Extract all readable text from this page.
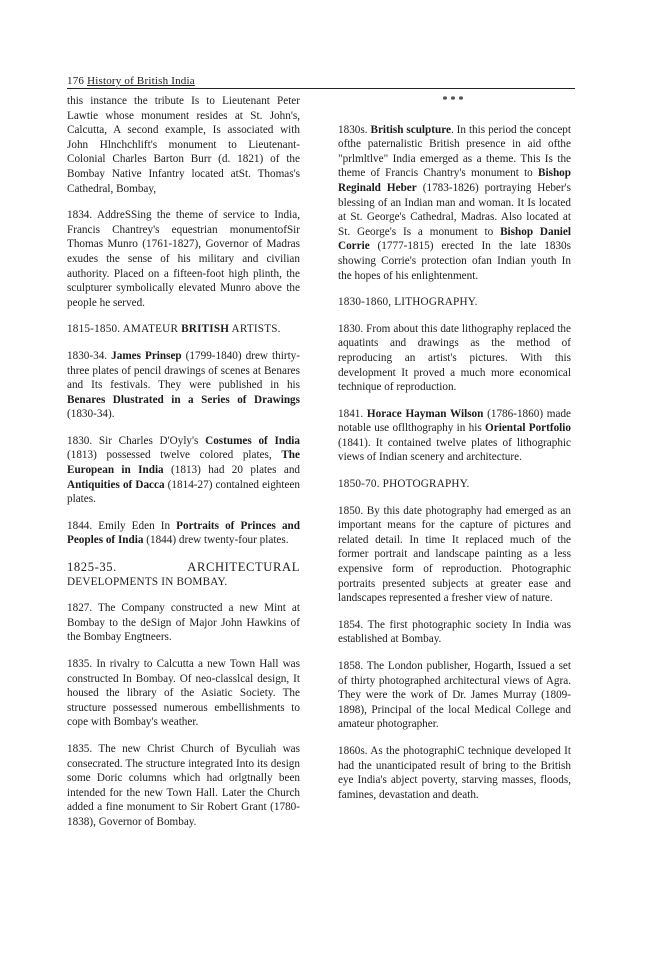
176 History of British India

this instance the tribute Is to Lieutenant Peter Lawtie whose monument resides at St. John's, Calcutta, A second example, Is associated with John Hlnchchlift's monument to Lieutenant-Colonial Charles Barton Burr (d. 1821) of the Bombay Native Infantry located atSt. Thomas's Cathedral, Bombay,

1834. AddreSSing the theme of service to India, Francis Chantrey's equestrian monumentofSir Thomas Munro (1761-1827), Governor of Madras exudes the sense of his military and civilian authority. Placed on a fifteen-foot high plinth, the sculpturer symbolically elevated Munro above the people he served.

1815-1850. AMATEUR BRITISH ARTISTS.

1830-34. James Prinsep (1799-1840) drew thirty-three plates of pencil drawings of scenes at Benares and Its festivals. They were published in his Benares Dlustrated in a Series of Drawings (1830-34).

1830. Sir Charles D'Oyly's Costumes of India (1813) possessed twelve colored plates, The European in India (1813) had 20 plates and Antiquities of Dacca (1814-27) contalned eighteen plates.

1844. Emily Eden In Portraits of Princes and Peoples of India (1844) drew twenty-four plates.

1825-35.	ARCHITECTURAL
DEVELOPMENTS IN BOMBAY.

1827. The Company constructed a new Mint at Bombay to the deSign of Major John Hawkins of the Bombay Engtneers.

1835. In rivalry to Calcutta a new Town Hall was constructed In Bombay. Of neo-classlcal design, It housed the library of the Asiatic Society. The structure possessed numerous embellishments to cope with Bombay's weather.

1835. The new Christ Church of Byculiah was consecrated. The structure integrated Into its design some Doric columns which had orlgtnally been intended for the new Town Hall. Later the Church added a fine monument to Sir Robert Grant (1780-1838), Governor of Bombay.

***

1830s. British sculpture. In this period the concept ofthe paternalistic British presence in aid ofthe "prlmltlve" India emerged as a theme. This Is the theme of Francis Chantry's monument to Bishop Reginald Heber (1783-1826) portraying Heber's blessing of an Indian man and woman. It Is located at St. George's Cathedral, Madras. Also located at St. George's Is a monument to Bishop Daniel Corrie (1777-1815) erected In the late 1830s showing Corrie's protection ofan Indian youth In the hopes of his enlightenment.

1830-1860, LITHOGRAPHY.

1830. From about this date lithography replaced the aquatints and drawings as the method of reproducing an artist's pictures. With this development It proved a much more economical technique of reproduction.

1841. Horace Hayman Wilson (1786-1860) made notable use ofllthography in his Oriental Portfolio (1841). It contained twelve plates of lithographic views of Indian scenery and architecture.

1850-70. PHOTOGRAPHY.

1850. By this date photography had emerged as an important means for the capture of pictures and related detail. In time It replaced much of the former portrait and landscape painting as a less expensive form of reproduction. Photographic portraits presented subjects at greater ease and landscapes represented a fresher view of nature.

1854. The first photographic society In India was established at Bombay.

1858. The London publisher, Hogarth, Issued a set of thirty photographed architectural views of Agra. They were the work of Dr. James Murray (1809-1898), Principal of the local Medical College and amateur photographer.

1860s. As the photographiC technique developed It had the unanticipated result of bring to the British eye India's abject poverty, starving masses, floods, famines, devastation and death.
